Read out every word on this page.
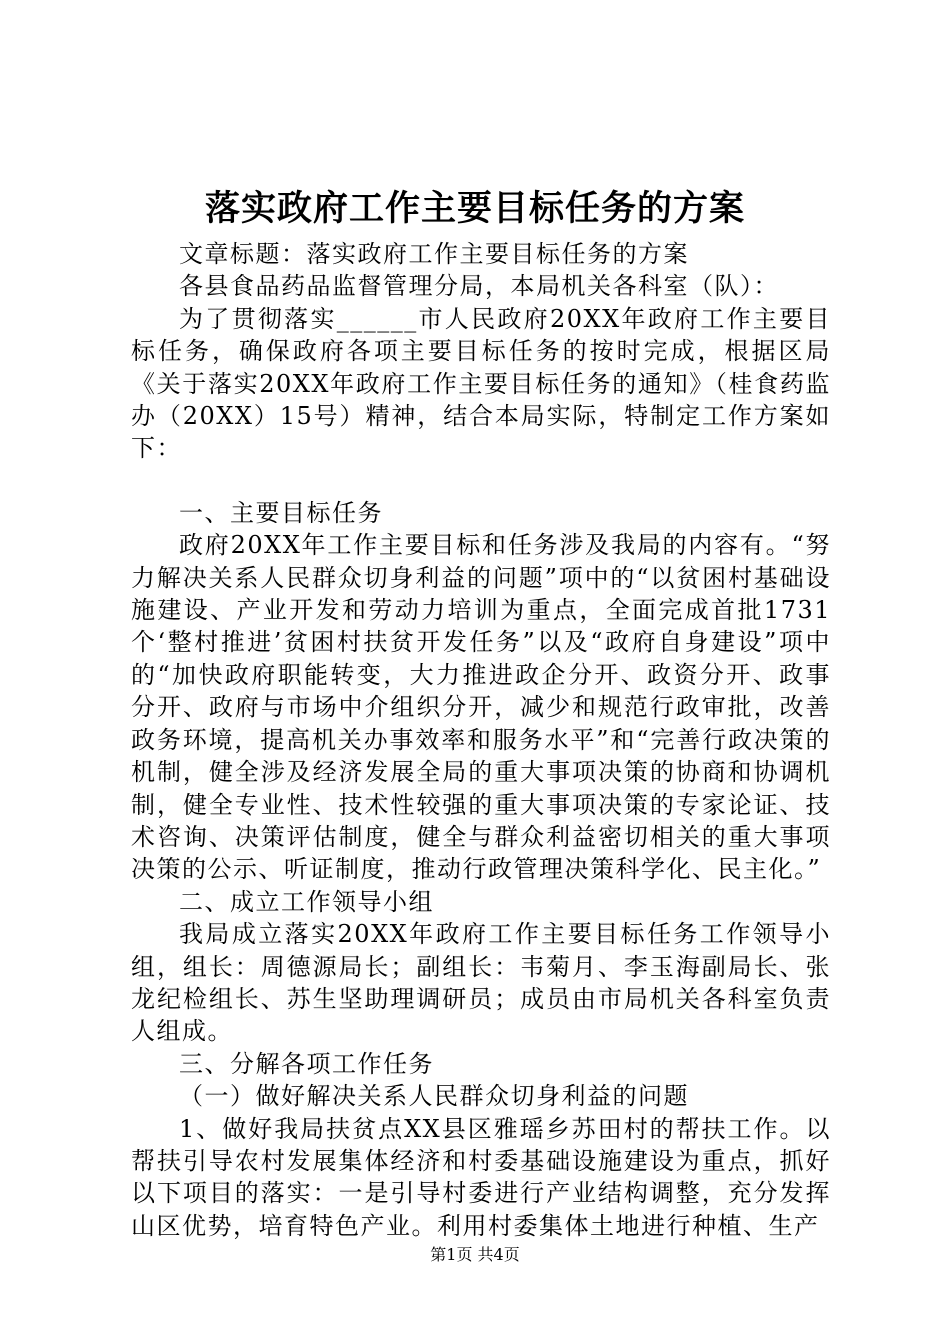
落实政府工作主要目标任务的方案

文章标题：落实政府工作主要目标任务的方案

各县食品药品监督管理分局，本局机关各科室（队）：

为了贯彻落实______市人民政府20XX年政府工作主要目标任务，确保政府各项主要目标任务的按时完成，根据区局《关于落实20XX年政府工作主要目标任务的通知》（桂食药监办（20XX）15号）精神，结合本局实际，特制定工作方案如下：

一、主要目标任务

政府20XX年工作主要目标和任务涉及我局的内容有。“努力解决关系人民群众切身利益的问题”项中的“以贫困村基础设施建设、产业开发和劳动力培训为重点，全面完成首批1731个‘整村推进’贫困村扶贫开发任务”以及“政府自身建设”项中的“加快政府职能转变，大力推进政企分开、政资分开、政事分开、政府与市场中介组织分开，减少和规范行政审批，改善政务环境，提高机关办事效率和服务水平”和“完善行政决策的机制，健全涉及经济发展全局的重大事项决策的协商和协调机制，健全专业性、技术性较强的重大事项决策的专家论证、技术咨询、决策评估制度，健全与群众利益密切相关的重大事项决策的公示、听证制度，推动行政管理决策科学化、民主化。”

二、成立工作领导小组

我局成立落实20XX年政府工作主要目标任务工作领导小组，组长：周德源局长；副组长：韦菊月、李玉海副局长、张龙纪检组长、苏生坚助理调研员；成员由市局机关各科室负责人组成。

三、分解各项工作任务

（一）做好解决关系人民群众切身利益的问题

1、做好我局扶贫点XX县区雅瑶乡苏田村的帮扶工作。以帮扶引导农村发展集体经济和村委基础设施建设为重点，抓好以下项目的落实：一是引导村委进行产业结构调整，充分发挥山区优势，培育特色产业。利用村委集体土地进行种植、生产

第1页 共4页
